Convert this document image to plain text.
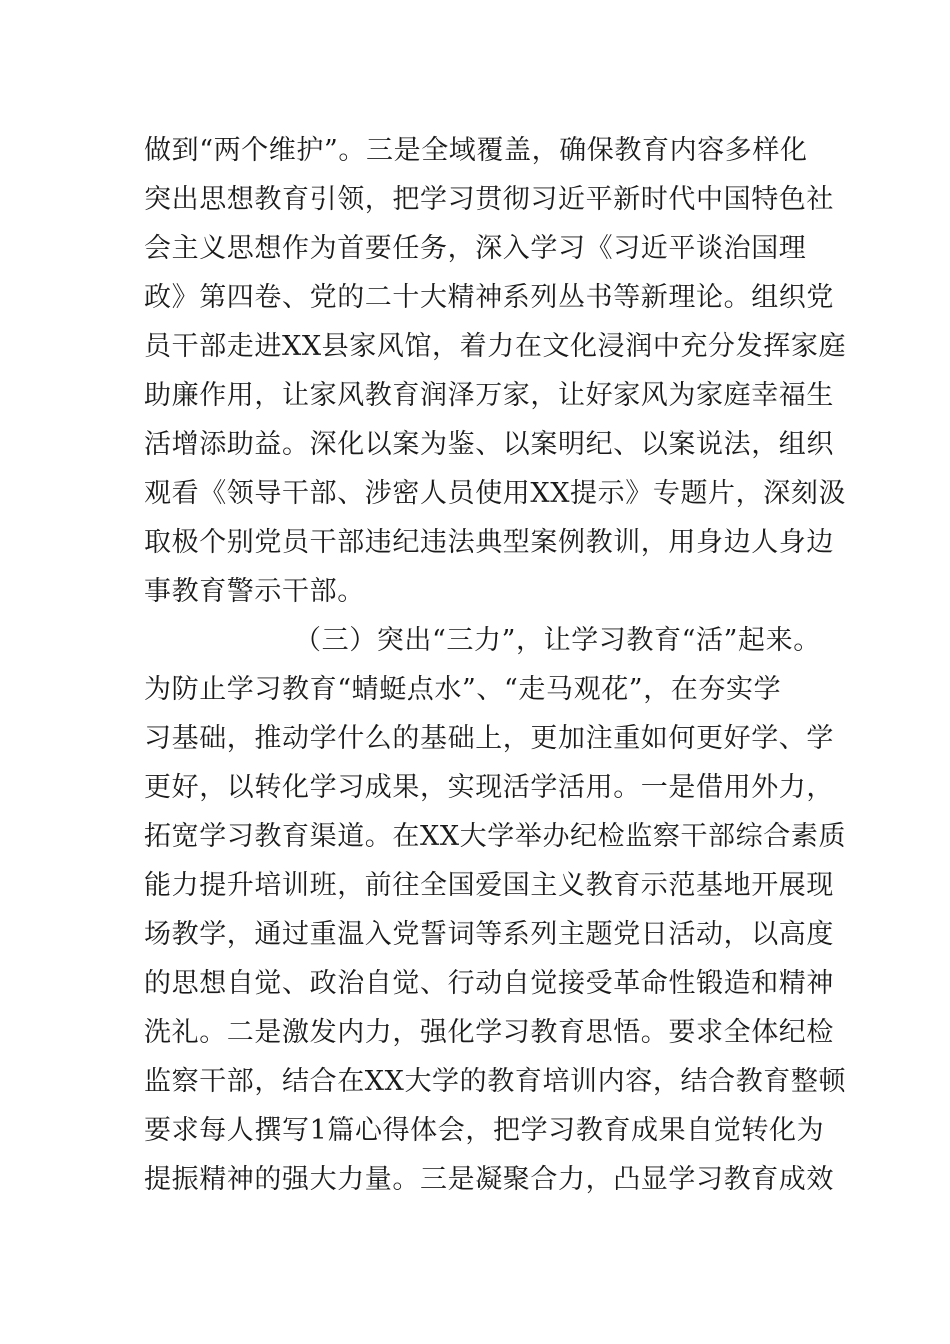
做到“两个维护”。三是全域覆盖，确保教育内容多样化
突出思想教育引领，把学习贯彻习近平新时代中国特色社
会主义思想作为首要任务，深入学习《习近平谈治国理
政》第四卷、党的二十大精神系列丛书等新理论。组织党
员干部走进XX县家风馆，着力在文化浸润中充分发挥家庭
助廉作用，让家风教育润泽万家，让好家风为家庭幸福生
活增添助益。深化以案为鉴、以案明纪、以案说法，组织
观看《领导干部、涉密人员使用XX提示》专题片，深刻汲
取极个别党员干部违纪违法典型案例教训，用身边人身边
事教育警示干部。
（三）突出“三力”，让学习教育“活”起来。
为防止学习教育“蜻蜓点水”、“走马观花”，在夯实学
习基础，推动学什么的基础上，更加注重如何更好学、学
更好，以转化学习成果，实现活学活用。一是借用外力，
拓宽学习教育渠道。在XX大学举办纪检监察干部综合素质
能力提升培训班，前往全国爱国主义教育示范基地开展现
场教学，通过重温入党誓词等系列主题党日活动，以高度
的思想自觉、政治自觉、行动自觉接受革命性锻造和精神
洗礼。二是激发内力，强化学习教育思悟。要求全体纪检
监察干部，结合在XX大学的教育培训内容，结合教育整顿
要求每人撰写1篇心得体会，把学习教育成果自觉转化为
提振精神的强大力量。三是凝聚合力，凸显学习教育成效
